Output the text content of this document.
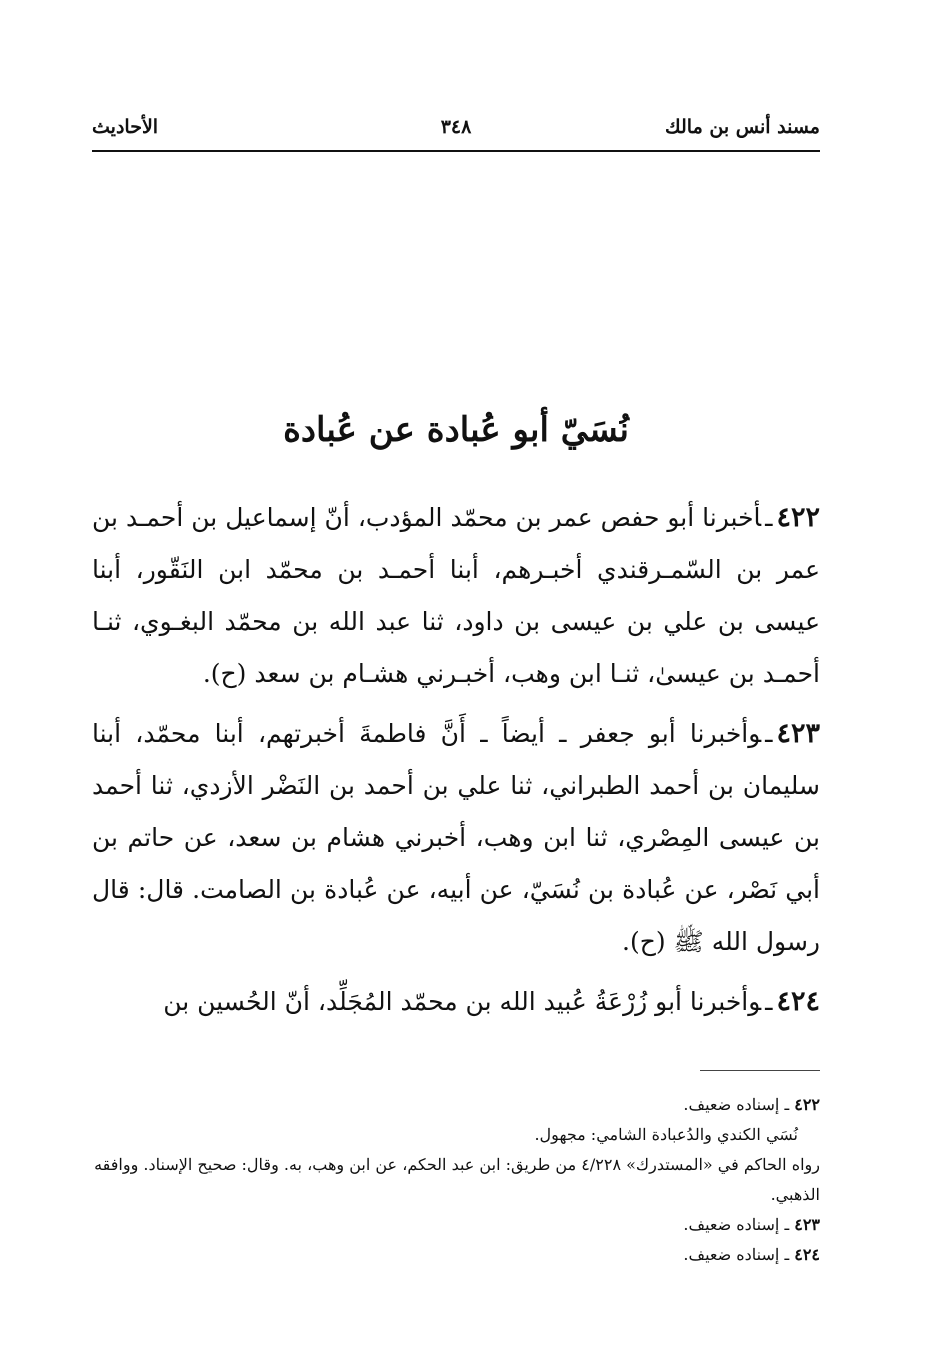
مسند أنس بن مالك
٣٤٨
الأحاديث
نُسَيّ أبو عُبادة عن عُبادة

٤٢٢ـأخبرنا أبو حفص عمر بن محمّد المؤدب، أنّ إسماعيل بن أحمـد بن عمر بن السّمـرقندي أخبـرهم، أبنا أحمـد بن محمّد ابن النَقّور، أبنا عيسى بن علي بن عيسى بن داود، ثنا عبد الله بن محمّد البغـوي، ثنـا أحمـد بن عيسىٰ، ثنـا ابن وهب، أخبـرني هشـام بن سعد (ح).

٤٢٣ـوأخبرنا أبو جعفر ـ أيضاً ـ أَنَّ فاطمةَ أخبرتهم، أبنا محمّد، أبنا سليمان بن أحمد الطبراني، ثنا علي بن أحمد بن النَضْر الأزدي، ثنا أحمد بن عيسى المِصْري، ثنا ابن وهب، أخبرني هشام بن سعد، عن حاتم بن أبي نَصْر، عن عُبادة بن نُسَيّ، عن أبيه، عن عُبادة بن الصامت. قال: قال رسول الله ﷺ (ح).

٤٢٤ـوأخبرنا أبو زُرْعَةُ عُبيد الله بن محمّد المُجَلِّد، أنّ الحُسين بن

٤٢٢ ـ إسناده ضعيف.

نُسَي الكندي والدُعبادة الشامي: مجهول.

رواه الحاكم في «المستدرك» ٤/٢٢٨ من طريق: ابن عبد الحكم، عن ابن وهب، به. وقال: صحيح الإسناد. ووافقه الذهبي.

٤٢٣ ـ إسناده ضعيف.

٤٢٤ ـ إسناده ضعيف.
